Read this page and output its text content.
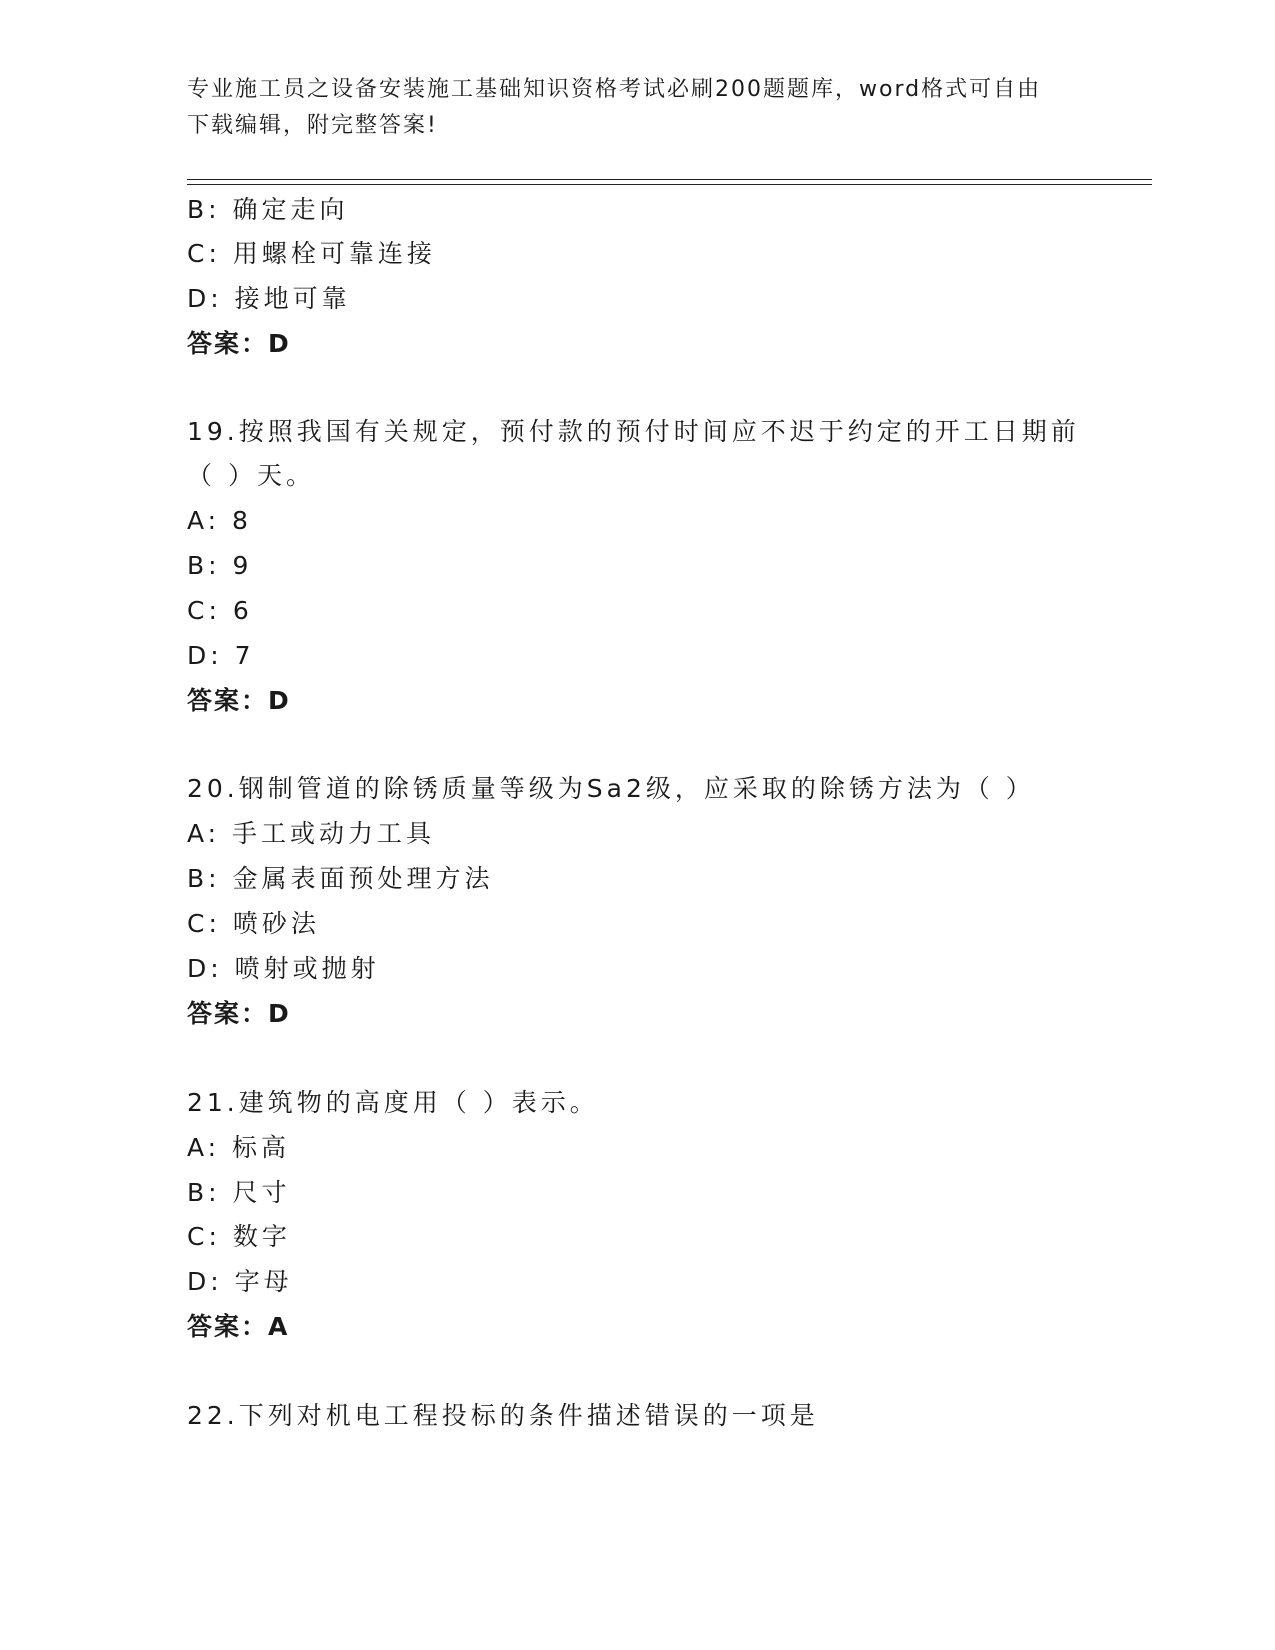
专业施工员之设备安装施工基础知识资格考试必刷200题题库，word格式可自由
下载编辑，附完整答案!
B: 确定走向
C: 用螺栓可靠连接
D: 接地可靠
答案：D
19.按照我国有关规定，预付款的预付时间应不迟于约定的开工日期前
（ ）天。
A: 8
B: 9
C: 6
D: 7
答案：D
20.钢制管道的除锈质量等级为Sa2级，应采取的除锈方法为（ ）
A: 手工或动力工具
B: 金属表面预处理方法
C: 喷砂法
D: 喷射或抛射
答案：D
21.建筑物的高度用（ ）表示。
A: 标高
B: 尺寸
C: 数字
D: 字母
答案：A
22.下列对机电工程投标的条件描述错误的一项是
